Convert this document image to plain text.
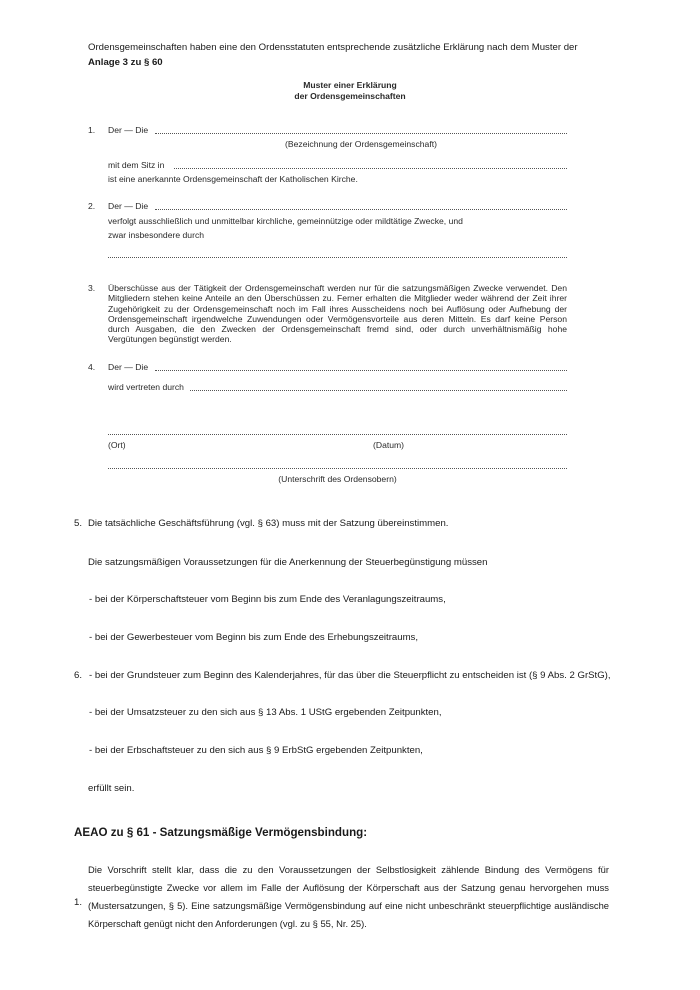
Ordensgemeinschaften haben eine den Ordensstatuten entsprechende zusätzliche Erklärung nach dem Muster der
Anlage 3 zu § 60
Muster einer Erklärung
der Ordensgemeinschaften
1. Der — Die
(Bezeichnung der Ordensgemeinschaft)
mit dem Sitz in
ist eine anerkannte Ordensgemeinschaft der Katholischen Kirche.
2. Der — Die
verfolgt ausschließlich und unmittelbar kirchliche, gemeinnützige oder mildtätige Zwecke, und
zwar insbesondere durch
3. Überschüsse aus der Tätigkeit der Ordensgemeinschaft werden nur für die satzungsmäßigen Zwecke verwendet. Den Mitgliedern stehen keine Anteile an den Überschüssen zu. Ferner erhalten die Mitglieder weder während der Zeit ihrer Zugehörigkeit zu der Ordensgemeinschaft noch im Fall ihres Ausscheidens noch bei Auflösung oder Aufhebung der Ordensgemeinschaft irgendwelche Zuwendungen oder Vermögensvorteile aus deren Mitteln. Es darf keine Person durch Ausgaben, die den Zwecken der Ordensgemeinschaft fremd sind, oder durch unverhältnismäßig hohe Vergütungen begünstigt werden.
4. Der — Die
wird vertreten durch
(Ort)	(Datum)
(Unterschrift des Ordensobern)
5. Die tatsächliche Geschäftsführung (vgl. § 63) muss mit der Satzung übereinstimmen.
Die satzungsmäßigen Voraussetzungen für die Anerkennung der Steuerbegünstigung müssen
- bei der Körperschaftsteuer vom Beginn bis zum Ende des Veranlagungszeitraums,
- bei der Gewerbesteuer vom Beginn bis zum Ende des Erhebungszeitraums,
6. - bei der Grundsteuer zum Beginn des Kalenderjahres, für das über die Steuerpflicht zu entscheiden ist (§ 9 Abs. 2 GrStG),
- bei der Umsatzsteuer zu den sich aus § 13 Abs. 1 UStG ergebenden Zeitpunkten,
- bei der Erbschaftsteuer zu den sich aus § 9 ErbStG ergebenden Zeitpunkten,
erfüllt sein.
AEAO zu § 61 - Satzungsmäßige Vermögensbindung:
1.
Die Vorschrift stellt klar, dass die zu den Voraussetzungen der Selbstlosigkeit zählende Bindung des Vermögens für steuerbegünstigte Zwecke vor allem im Falle der Auflösung der Körperschaft aus der Satzung genau hervorgehen muss (Mustersatzungen, § 5). Eine satzungsmäßige Vermögensbindung auf eine nicht unbeschränkt steuerpflichtige ausländische Körperschaft genügt nicht den Anforderungen (vgl. zu § 55, Nr. 25).
